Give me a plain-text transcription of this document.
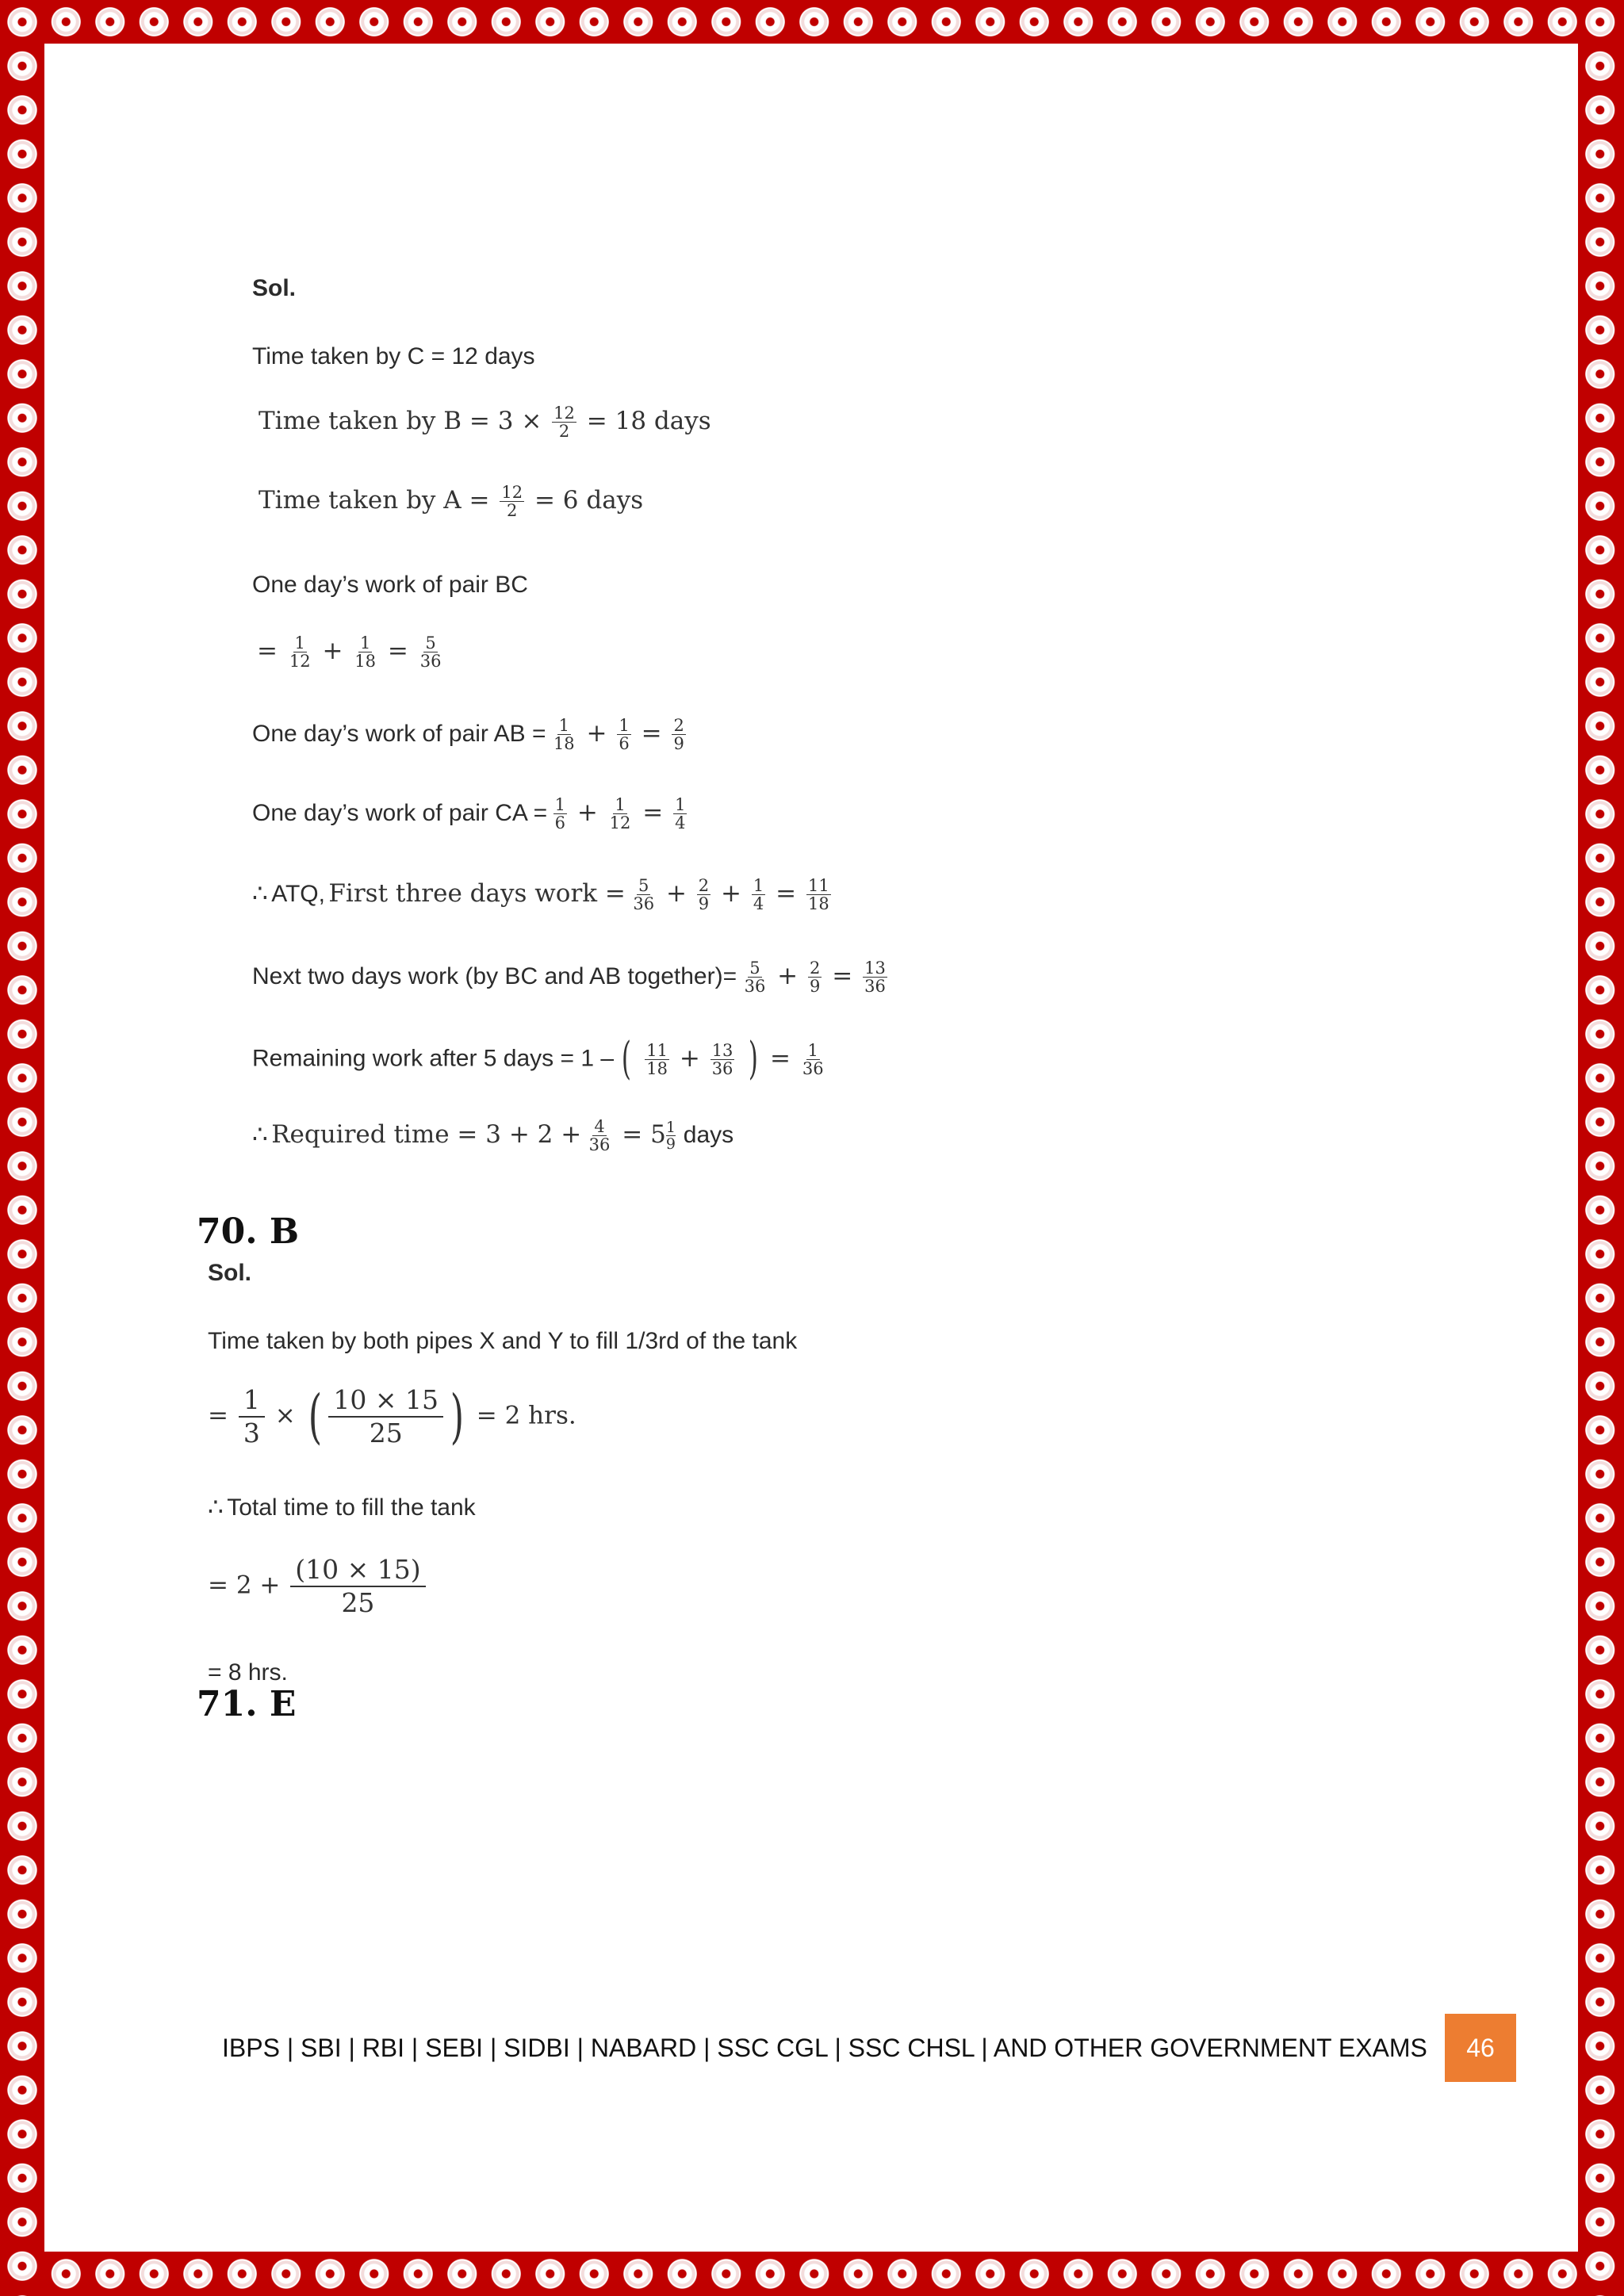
Sol.
Time taken by C = 12 days
Time taken by $B = 3 \times \frac{12}{2} = 18$ days
Time taken by $A = \frac{12}{2} = 6$ days
One day’s work of pair BC
= $\frac{1}{12} + \frac{1}{18} = \frac{5}{36}$
One day’s work of pair AB = $\frac{1}{18} + \frac{1}{6} = \frac{2}{9}$
One day’s work of pair CA = $\frac{1}{6} + \frac{1}{12} = \frac{1}{4}$
∴ ATQ, First three days work = $\frac{5}{36} + \frac{2}{9} + \frac{1}{4} = \frac{11}{18}$
Next two days work (by BC and AB together)= $\frac{5}{36} + \frac{2}{9} = \frac{13}{36}$
Remaining work after 5 days = 1 – ( $\frac{11}{18} + \frac{13}{36}$ ) = $\frac{1}{36}$
∴ Required time = $3 + 2 + \frac{4}{36} = 5 \frac{1}{9}$ days
70. B
Sol.
Time taken by both pipes X and Y to fill 1/3rd of the tank
= $\frac{1}{3}$ × ( $\frac{10 \times 15}{25}$ ) = 2 hrs.
∴ Total time to fill the tank
= $2 + \frac{(10 \times 15)}{25}$
= 8 hrs.
71. E
IBPS | SBI | RBI | SEBI | SIDBI | NABARD | SSC CGL | SSC CHSL | AND OTHER GOVERNMENT EXAMS	46
